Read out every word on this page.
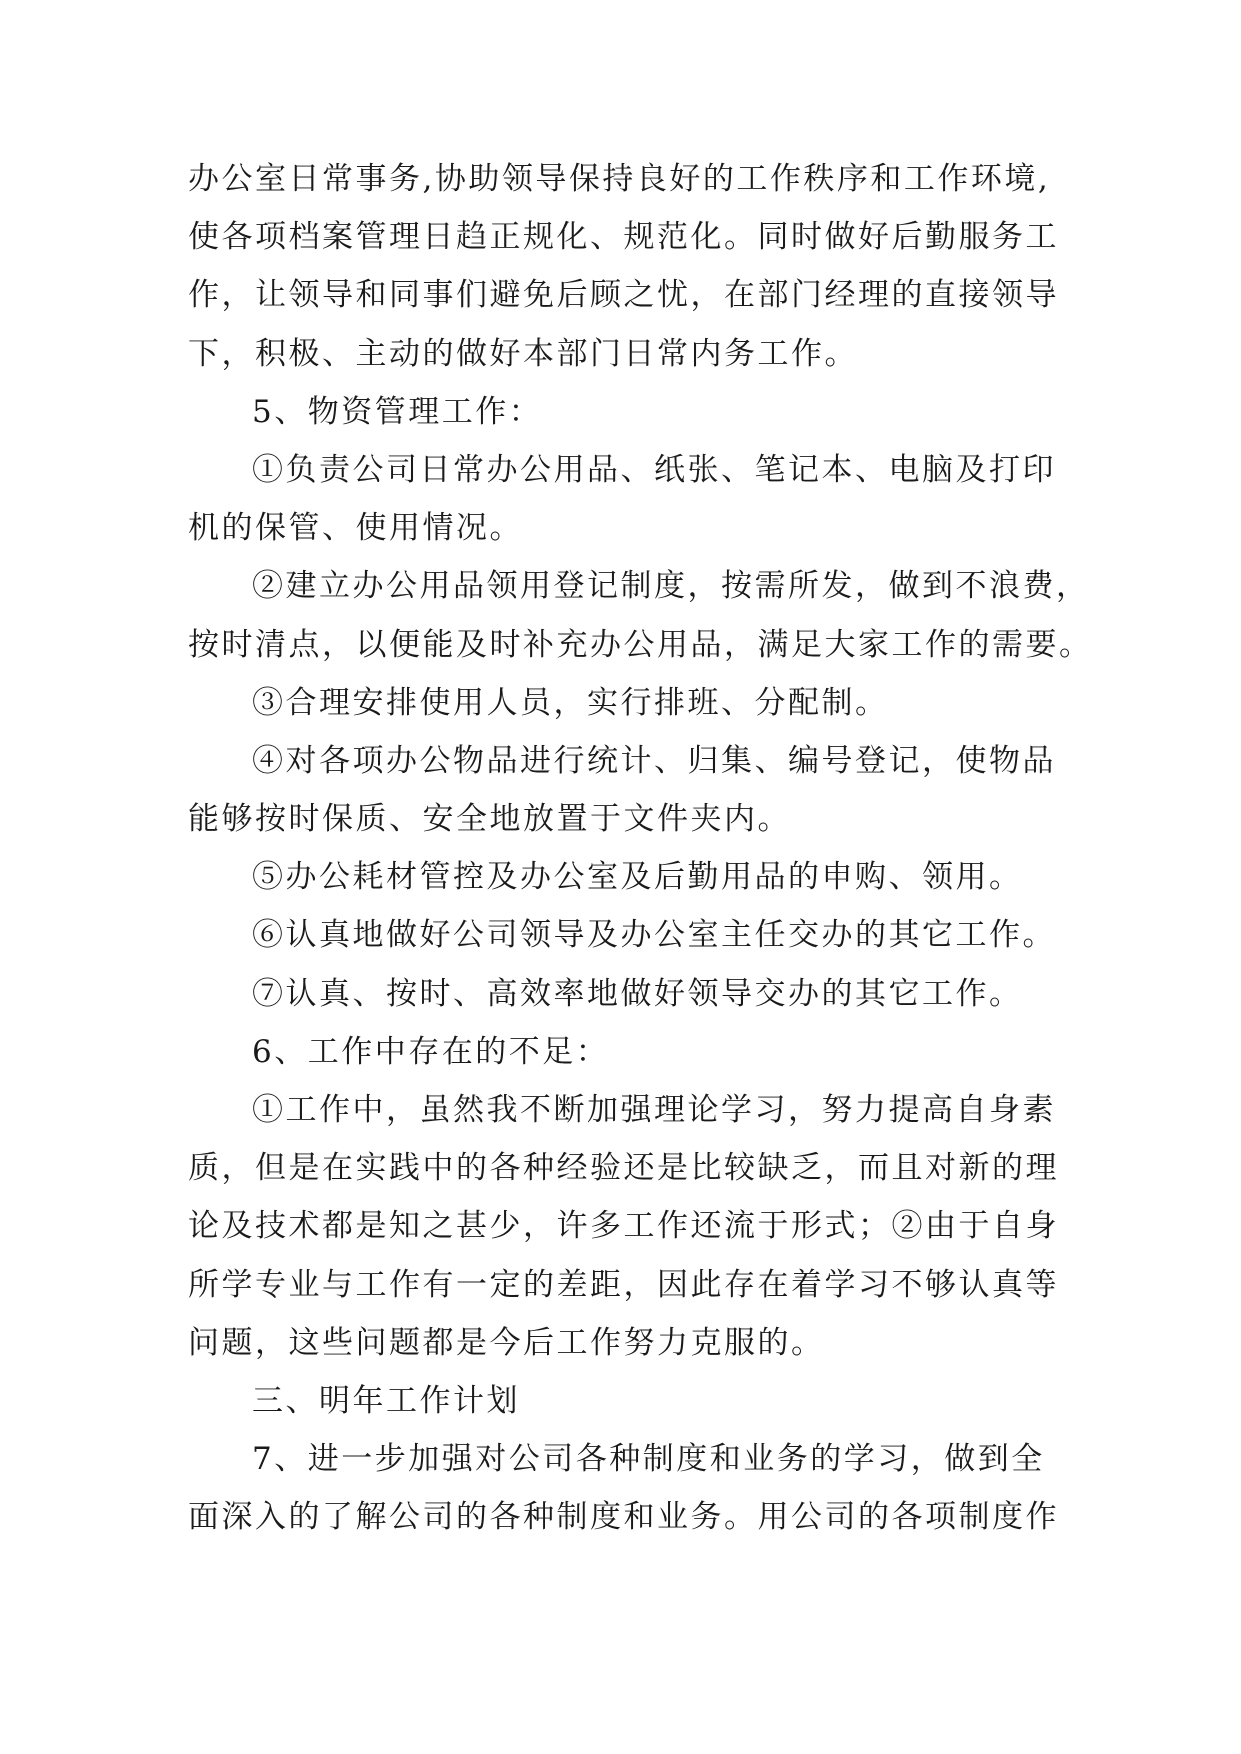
办公室日常事务,协助领导保持良好的工作秩序和工作环境,
使各项档案管理日趋正规化、规范化。同时做好后勤服务工
作，让领导和同事们避免后顾之忧，在部门经理的直接领导
下，积极、主动的做好本部门日常内务工作。
5、物资管理工作：
①负责公司日常办公用品、纸张、笔记本、电脑及打印
机的保管、使用情况。
②建立办公用品领用登记制度，按需所发，做到不浪费，
按时清点，以便能及时补充办公用品，满足大家工作的需要。
③合理安排使用人员，实行排班、分配制。
④对各项办公物品进行统计、归集、编号登记，使物品
能够按时保质、安全地放置于文件夹内。
⑤办公耗材管控及办公室及后勤用品的申购、领用。
⑥认真地做好公司领导及办公室主任交办的其它工作。
⑦认真、按时、高效率地做好领导交办的其它工作。
6、工作中存在的不足：
①工作中，虽然我不断加强理论学习，努力提高自身素
质，但是在实践中的各种经验还是比较缺乏，而且对新的理
论及技术都是知之甚少，许多工作还流于形式；②由于自身
所学专业与工作有一定的差距，因此存在着学习不够认真等
问题，这些问题都是今后工作努力克服的。
三、明年工作计划
7、进一步加强对公司各种制度和业务的学习，做到全
面深入的了解公司的各种制度和业务。用公司的各项制度作
